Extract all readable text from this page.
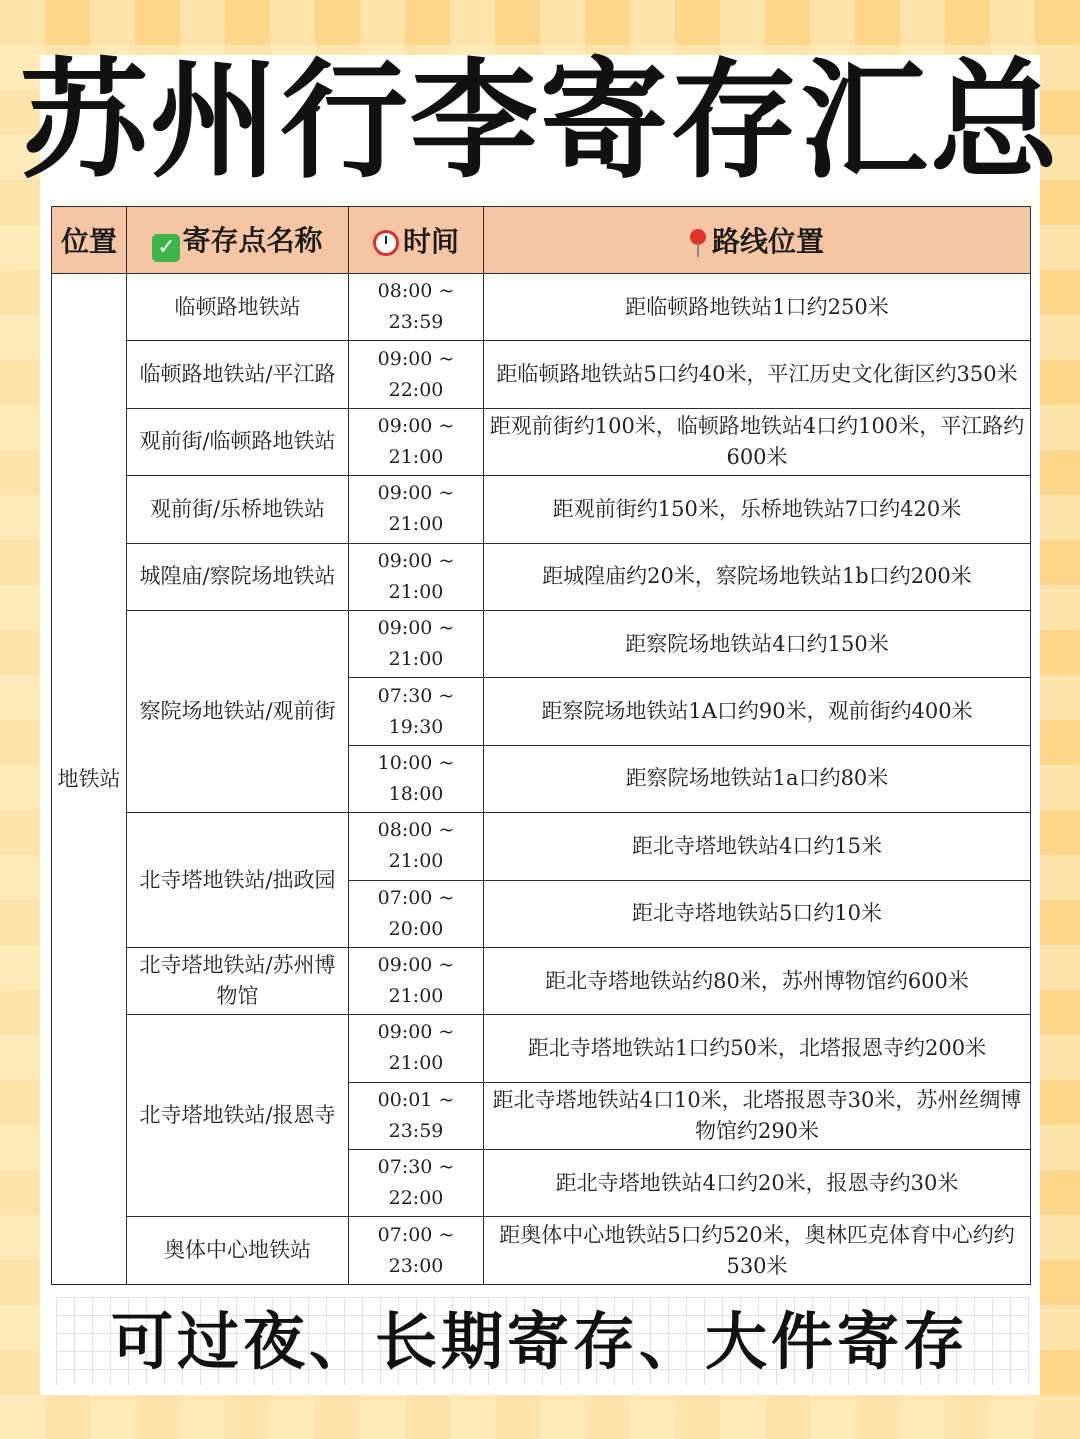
苏州行李寄存汇总
位置	✓ 寄存点名称	时间	路线位置
地铁站	临顿路地铁站	08:00 ~ 23:59	距临顿路地铁站1口约250米
	临顿路地铁站/平江路	09:00 ~ 22:00	距临顿路地铁站5口约40米，平江历史文化街区约350米
	观前街/临顿路地铁站	09:00 ~ 21:00	距观前街约100米，临顿路地铁站4口约100米，平江路约600米
	观前街/乐桥地铁站	09:00 ~ 21:00	距观前街约150米，乐桥地铁站7口约420米
	城隍庙/察院场地铁站	09:00 ~ 21:00	距城隍庙约20米，察院场地铁站1b口约200米
	察院场地铁站/观前街	09:00 ~ 21:00	距察院场地铁站4口约150米
		07:30 ~ 19:30	距察院场地铁站1A口约90米，观前街约400米
		10:00 ~ 18:00	距察院场地铁站1a口约80米
	北寺塔地铁站/拙政园	08:00 ~ 21:00	距北寺塔地铁站4口约15米
		07:00 ~ 20:00	距北寺塔地铁站5口约10米
	北寺塔地铁站/苏州博物馆	09:00 ~ 21:00	距北寺塔地铁站约80米，苏州博物馆约600米
	北寺塔地铁站/报恩寺	09:00 ~ 21:00	距北寺塔地铁站1口约50米，北塔报恩寺约200米
		00:01 ~ 23:59	距北寺塔地铁站4口10米，北塔报恩寺30米，苏州丝绸博物馆约290米
		07:30 ~ 22:00	距北寺塔地铁站4口约20米，报恩寺约30米
	奥体中心地铁站	07:00 ~ 23:00	距奥体中心地铁站5口约520米，奥林匹克体育中心约约530米
可过夜、长期寄存、大件寄存
